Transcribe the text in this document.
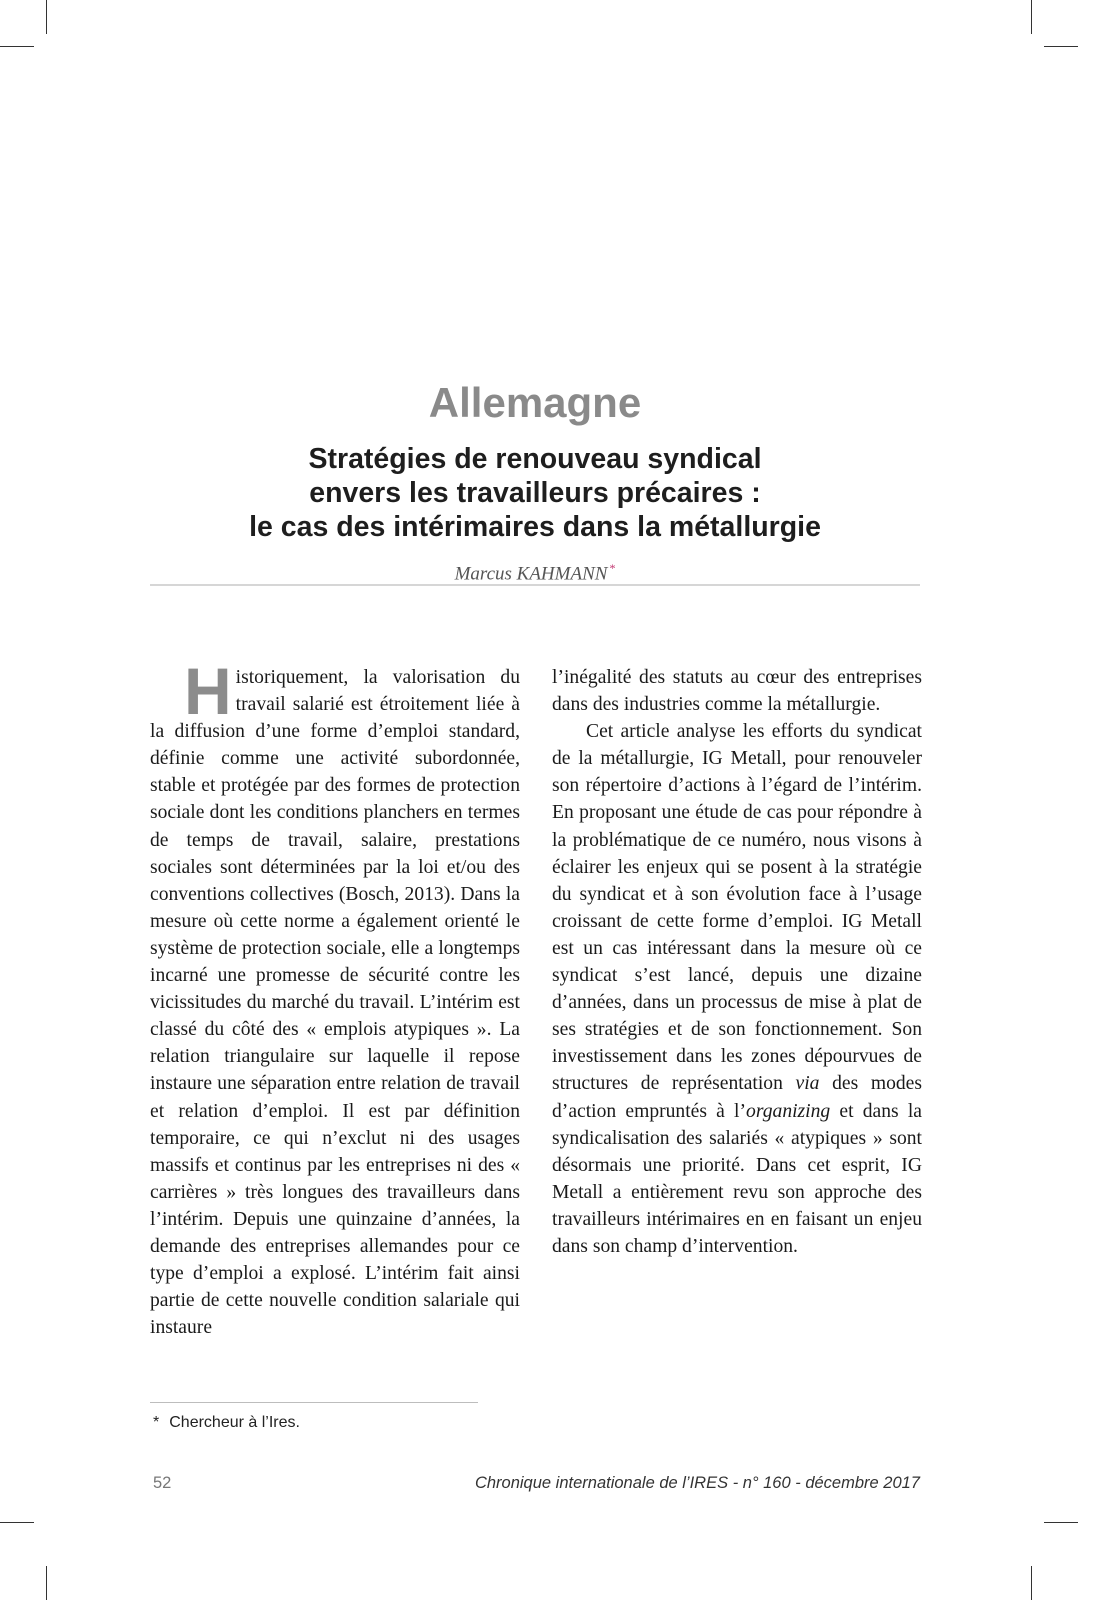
Allemagne
Stratégies de renouveau syndical
envers les travailleurs précaires :
le cas des intérimaires dans la métallurgie
Marcus KAHMANN *

Historiquement, la valorisation du travail salarié est étroitement liée à la diffusion d’une forme d’emploi standard, définie comme une activité subordonnée, stable et protégée par des formes de protection sociale dont les conditions planchers en termes de temps de travail, salaire, prestations sociales sont déterminées par la loi et/ou des conventions collectives (Bosch, 2013). Dans la mesure où cette norme a également orienté le système de protection sociale, elle a longtemps incarné une promesse de sécurité contre les vicissitudes du marché du travail. L’intérim est classé du côté des « emplois atypiques ». La relation triangulaire sur laquelle il repose instaure une séparation entre relation de travail et relation d’emploi. Il est par définition temporaire, ce qui n’exclut ni des usages massifs et continus par les entreprises ni des « carrières » très longues des travailleurs dans l’intérim. Depuis une quinzaine d’années, la demande des entreprises allemandes pour ce type d’emploi a explosé. L’intérim fait ainsi partie de cette nouvelle condition salariale qui instaure

l’inégalité des statuts au cœur des entreprises dans des industries comme la métallurgie.

Cet article analyse les efforts du syndicat de la métallurgie, IG Metall, pour renouveler son répertoire d’actions à l’égard de l’intérim. En proposant une étude de cas pour répondre à la problématique de ce numéro, nous visons à éclairer les enjeux qui se posent à la stratégie du syndicat et à son évolution face à l’usage croissant de cette forme d’emploi. IG Metall est un cas intéressant dans la mesure où ce syndicat s’est lancé, depuis une dizaine d’années, dans un processus de mise à plat de ses stratégies et de son fonctionnement. Son investissement dans les zones dépourvues de structures de représentation via des modes d’action empruntés à l’organizing et dans la syndicalisation des salariés « atypiques » sont désormais une priorité. Dans cet esprit, IG Metall a entièrement revu son approche des travailleurs intérimaires en en faisant un enjeu dans son champ d’intervention.

* Chercheur à l’Ires.
52	Chronique internationale de l’IRES - n° 160 - décembre 2017
